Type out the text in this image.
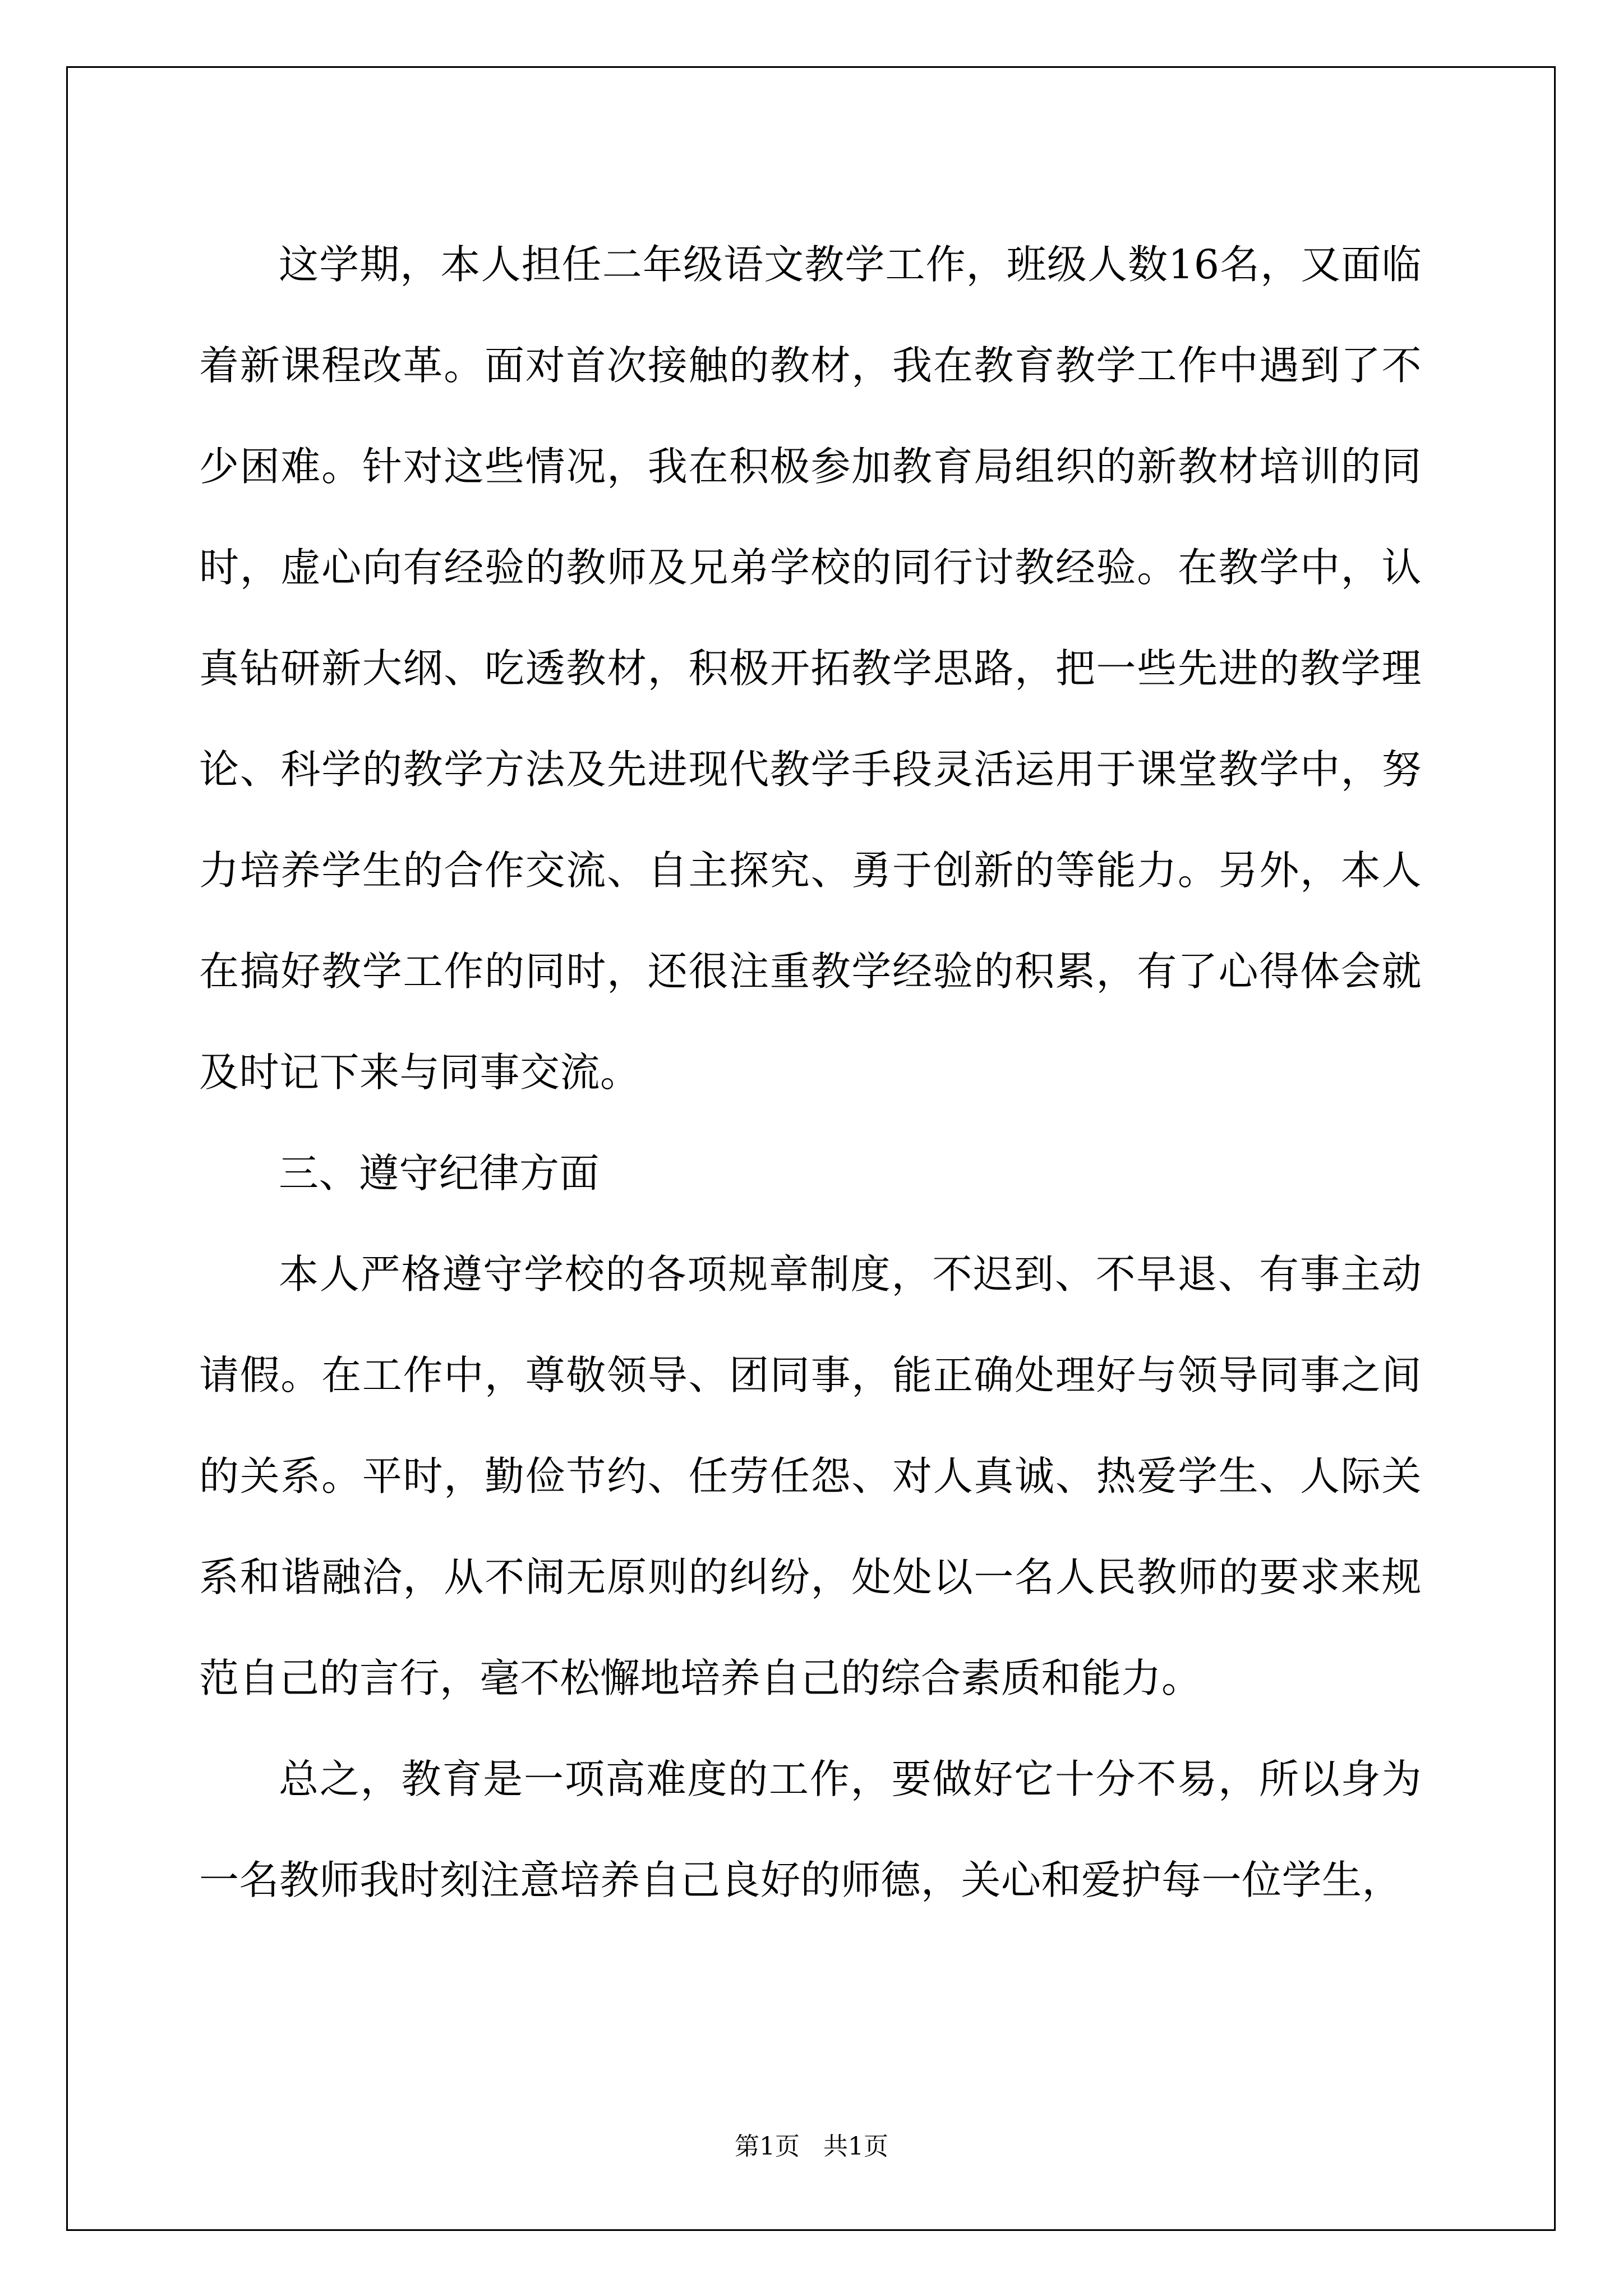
这学期，本人担任二年级语文教学工作，班级人数16名，又面临着新课程改革。面对首次接触的教材，我在教育教学工作中遇到了不少困难。针对这些情况，我在积极参加教育局组织的新教材培训的同时，虚心向有经验的教师及兄弟学校的同行讨教经验。在教学中，认真钻研新大纲、吃透教材，积极开拓教学思路，把一些先进的教学理论、科学的教学方法及先进现代教学手段灵活运用于课堂教学中，努力培养学生的合作交流、自主探究、勇于创新的等能力。另外，本人在搞好教学工作的同时，还很注重教学经验的积累，有了心得体会就及时记下来与同事交流。

三、遵守纪律方面

本人严格遵守学校的各项规章制度，不迟到、不早退、有事主动请假。在工作中，尊敬领导、团同事，能正确处理好与领导同事之间的关系。平时，勤俭节约、任劳任怨、对人真诚、热爱学生、人际关系和谐融洽，从不闹无原则的纠纷，处处以一名人民教师的要求来规范自己的言行，毫不松懈地培养自己的综合素质和能力。

总之，教育是一项高难度的工作，要做好它十分不易，所以身为一名教师我时刻注意培养自己良好的师德，关心和爱护每一位学生，

第1页   共1页
